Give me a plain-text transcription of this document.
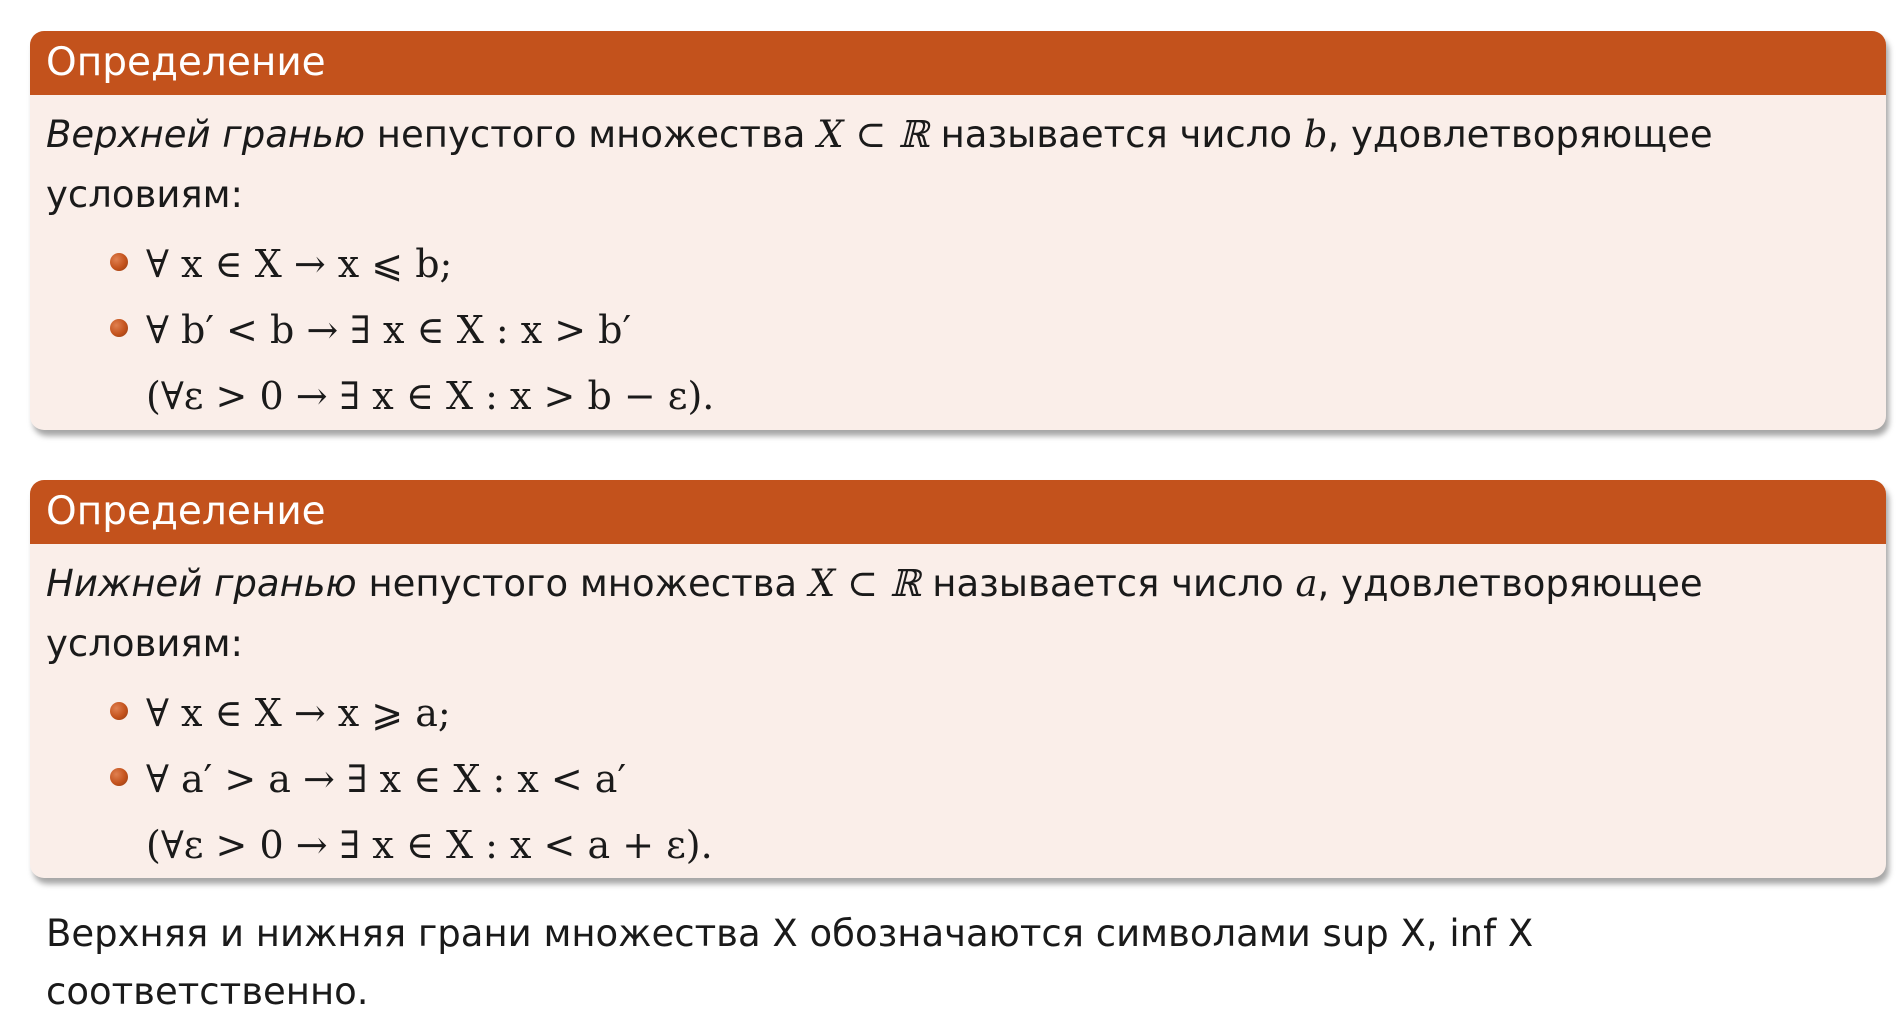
Определение

Верхней гранью непустого множества X ⊂ ℝ называется число b, удовлетворяющее
условиям:

∀ x ∈ X → x ⩽ b;
∀ b′ < b → ∃ x ∈ X : x > b′
(∀ε > 0 → ∃ x ∈ X : x > b − ε).
Определение

Нижней гранью непустого множества X ⊂ ℝ называется число a, удовлетворяющее
условиям:

∀ x ∈ X → x ⩾ a;
∀ a′ > a → ∃ x ∈ X : x < a′
(∀ε > 0 → ∃ x ∈ X : x < a + ε).
Верхняя и нижняя грани множества X обозначаются символами sup X, inf X
соответственно.
